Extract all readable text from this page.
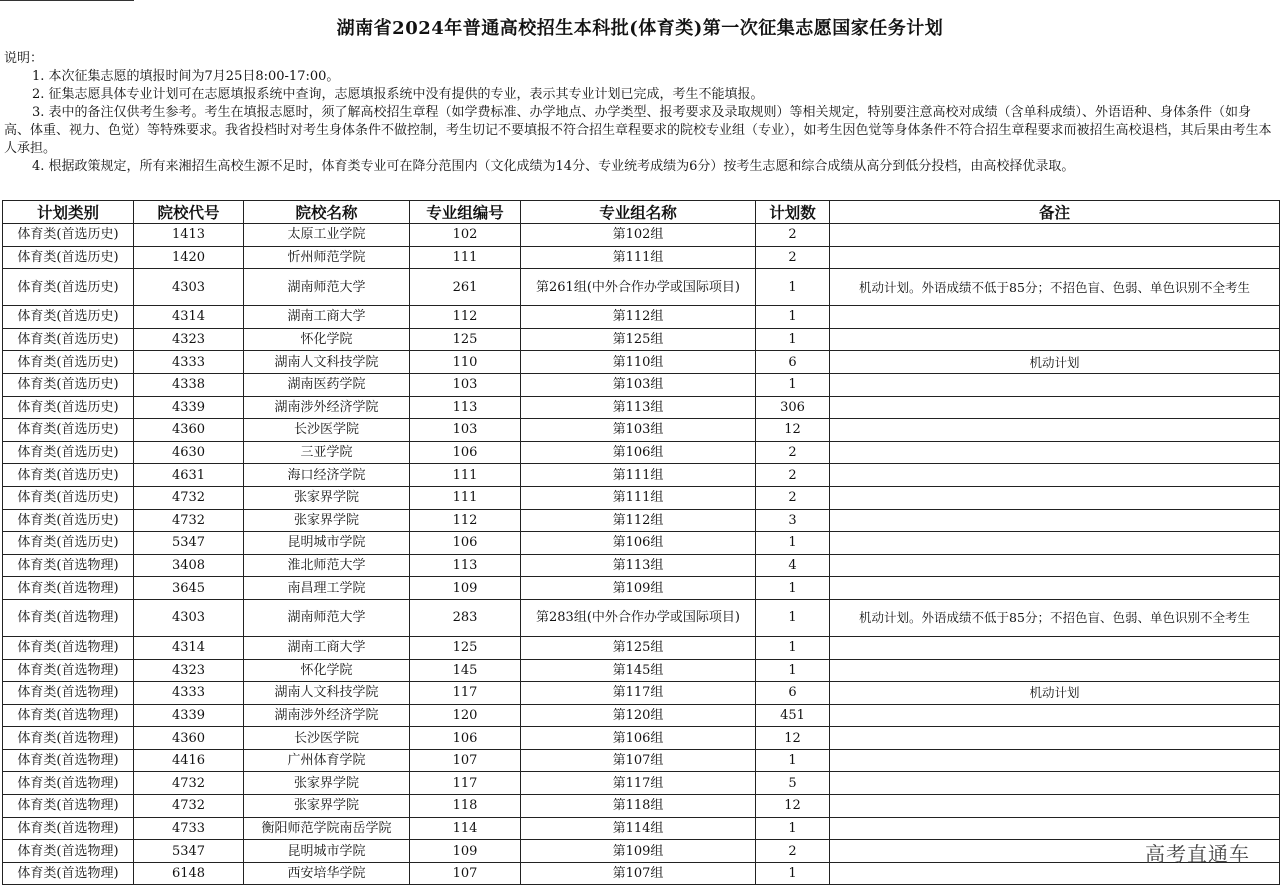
湖南省2024年普通高校招生本科批(体育类)第一次征集志愿国家任务计划

说明：

1. 本次征集志愿的填报时间为7月25日8:00-17:00。

2. 征集志愿具体专业计划可在志愿填报系统中查询，志愿填报系统中没有提供的专业，表示其专业计划已完成，考生不能填报。

3. 表中的备注仅供考生参考。考生在填报志愿时，须了解高校招生章程（如学费标准、办学地点、办学类型、报考要求及录取规则）等相关规定，特别要注意高校对成绩（含单科成绩）、外语语种、身体条件（如身高、体重、视力、色觉）等特殊要求。我省投档时对考生身体条件不做控制，考生切记不要填报不符合招生章程要求的院校专业组（专业），如考生因色觉等身体条件不符合招生章程要求而被招生高校退档，其后果由考生本人承担。

4. 根据政策规定，所有来湘招生高校生源不足时，体育类专业可在降分范围内（文化成绩为14分、专业统考成绩为6分）按考生志愿和综合成绩从高分到低分投档，由高校择优录取。

计划类别	院校代号	院校名称	专业组编号	专业组名称	计划数	备注
体育类(首选历史)	1413	太原工业学院	102	第102组	2	
体育类(首选历史)	1420	忻州师范学院	111	第111组	2	
体育类(首选历史)	4303	湖南师范大学	261	第261组(中外合作办学或国际项目)	1	机动计划。外语成绩不低于85分；不招色盲、色弱、单色识别不全考生
体育类(首选历史)	4314	湖南工商大学	112	第112组	1	
体育类(首选历史)	4323	怀化学院	125	第125组	1	
体育类(首选历史)	4333	湖南人文科技学院	110	第110组	6	机动计划
体育类(首选历史)	4338	湖南医药学院	103	第103组	1	
体育类(首选历史)	4339	湖南涉外经济学院	113	第113组	306	
体育类(首选历史)	4360	长沙医学院	103	第103组	12	
体育类(首选历史)	4630	三亚学院	106	第106组	2	
体育类(首选历史)	4631	海口经济学院	111	第111组	2	
体育类(首选历史)	4732	张家界学院	111	第111组	2	
体育类(首选历史)	4732	张家界学院	112	第112组	3	
体育类(首选历史)	5347	昆明城市学院	106	第106组	1	
体育类(首选物理)	3408	淮北师范大学	113	第113组	4	
体育类(首选物理)	3645	南昌理工学院	109	第109组	1	
体育类(首选物理)	4303	湖南师范大学	283	第283组(中外合作办学或国际项目)	1	机动计划。外语成绩不低于85分；不招色盲、色弱、单色识别不全考生
体育类(首选物理)	4314	湖南工商大学	125	第125组	1	
体育类(首选物理)	4323	怀化学院	145	第145组	1	
体育类(首选物理)	4333	湖南人文科技学院	117	第117组	6	机动计划
体育类(首选物理)	4339	湖南涉外经济学院	120	第120组	451	
体育类(首选物理)	4360	长沙医学院	106	第106组	12	
体育类(首选物理)	4416	广州体育学院	107	第107组	1	
体育类(首选物理)	4732	张家界学院	117	第117组	5	
体育类(首选物理)	4732	张家界学院	118	第118组	12	
体育类(首选物理)	4733	衡阳师范学院南岳学院	114	第114组	1	
体育类(首选物理)	5347	昆明城市学院	109	第109组	2	
体育类(首选物理)	6148	西安培华学院	107	第107组	1	
高考直通车
